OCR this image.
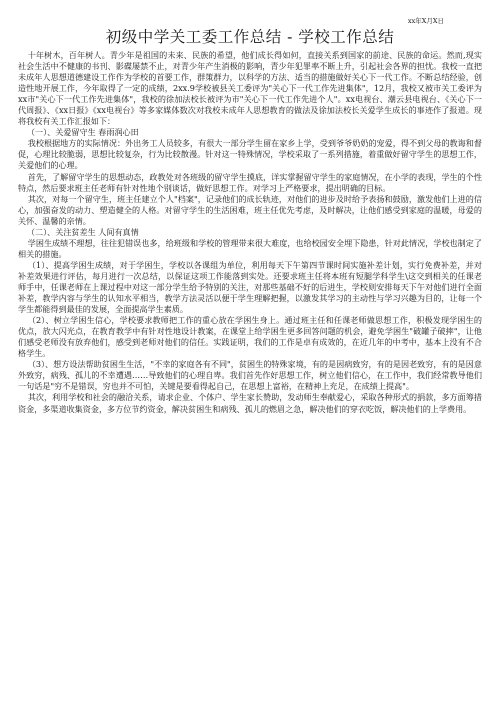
xx年X月X日
初级中学关工委工作总结 - 学校工作总结

十年树木，百年树人。青少年是祖国的未来、民族的希望，他们成长得如何，直接关系到国家的前途、民族的命运。然而,现实社会生活中不健康的书刊、影碟屡禁不止，对青少年产生消极的影响，青少年犯罪率不断上升，引起社会各界的担忧。我校一直把未成年人思想道德建设工作作为学校的首要工作，群策群力，以科学的方法、适当的措施做好关心下一代工作。不断总结经验，创造性地开展工作，今年取得了一定的成绩，2xx.9学校被县关工委评为"关心下一代工作先进集体"，12月，我校又被市关工委评为xx市"关心下一代工作先进集体"，我校的徐加法校长被评为市"关心下一代工作先进个人"。xx电视台、潮云县电视台、《关心下一代周报》、《xx日报》《xx电视台》等多家媒体数次对我校未成年人思想教育的做法及徐加法校长关爱学生成长的事迹作了报道。现将我校有关工作汇报如下：

（一）、关爱留守生 春雨润心田

我校根据地方的实际情况：外出务工人员较多，有很大一部分学生留在家乡上学，受到爷爷奶奶的宠爱，得不到父母的教诲和督促，心理比较脆弱，思想比较复杂，行为比较散漫。针对这一特殊情况，学校采取了一系列措施，着重做好留守学生的思想工作，关爱他们的心理。

首先，了解留守学生的思想动态，政教处对各班级的留守学生摸底，详实掌握留守学生的家庭情况，在小学的表现，学生的个性特点，然后要求班主任老师有针对性地个别谈话，做好思想工作。对学习上严格要求，提出明确的目标。

其次，对每一个留守生，班主任建立个人"档案"，记录他们的成长轨迹，对他们的进步及时给予表扬和鼓励，激发他们上进的信心，加强奋发的动力、塑造健全的人格。对留守学生的生活困难，班主任优先考虑，及时解决，让他们感受到家庭的温暖，母爱的关怀、温馨的亲情。

（二）、关注贫差生 人间有真情

学困生成绩不理想，往往犯错误也多，给班级和学校的管理带来很大难度，也给校园安全埋下隐患，针对此情况，学校也制定了相关的措施。

（1）、提高学困生成绩，对于学困生，学校以各课组为单位，利用每天下午第四节课时间实施补差计划，实行免费补差，并对补差效果进行评估，每月进行一次总结，以保证这项工作能落到实处。还要求班主任将本班有短腿学科学生\这交到相关的任课老师手中，任课老师在上课过程中对这一部分学生给予特别的关注，对那些基础不好的后进生，学校则安排每天下午对他们进行全面补差，教学内容与学生的认知水平相当，教学方法灵活以便于学生理解把握，以激发其学习的主动性与学习兴趣为目的，让每一个学生都能得到最佳的发展，全面提高学生素质。

（2）、树立学困生信心，学校要求教师把工作的重心放在学困生身上。通过班主任和任课老师做思想工作，积极发现学困生的优点，放大闪光点，在教育教学中有针对性地设计教案，在课堂上给学困生更多回答问题的机会，避免学困生"破罐子破摔"，让他们感受老师没有放弃他们，感受到老师对他们的信任。实践证明，我们的工作是卓有成效的，在近几年的中考中，基本上没有不合格学生。

（3）、想方设法帮助贫困生生活，"不幸的家庭各有不同"，贫困生的特殊家境，有的是因病致穷，有的是因老致穷，有的是因意外致穷，病残、孤儿的不幸遭遇……导致他们的心理自卑。我们首先作好思想工作，树立他们信心，在工作中，我们经常教导他们一句话是"穷不是错误，穷也并不可怕，关键是要看得起自己，在思想上富裕，在精神上充足，在成绩上提高"。

其次，利用学校和社会的融洽关系，请求企业、个体户、学生家长赞助，发动师生奉献爱心，采取各种形式的捐款，多方面筹措资金，多渠道收集资金，多方位节约资金，解决贫困生和病残、孤儿的燃眉之急，解决他们的穿衣吃饭，解决他们的上学费用。
